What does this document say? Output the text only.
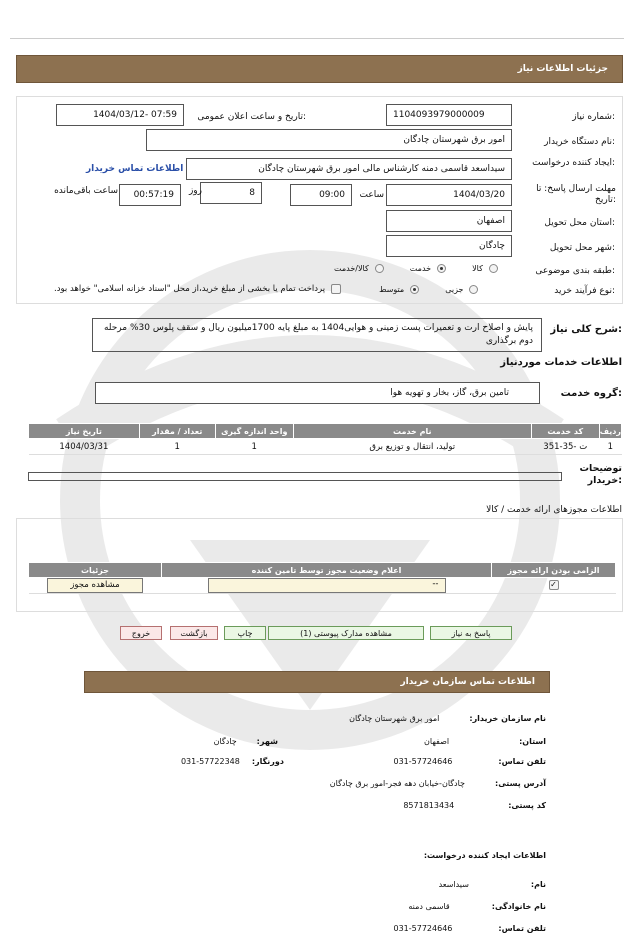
جزئیات اطلاعات نیاز
شماره نیاز:
1104093979000009
تاریخ و ساعت اعلان عمومی:
1404/03/12- 07:59
نام دستگاه خریدار:
امور برق شهرستان چادگان
ایجاد کننده درخواست:
سیداسعد قاسمی دمنه کارشناس مالی امور برق شهرستان چادگان
اطلاعات تماس خریدار
مهلت ارسال پاسخ: تا تاریخ:
1404/03/20
ساعت
09:00
8
روز
00:57:19
ساعت باقی‌مانده
استان محل تحویل:
اصفهان
شهر محل تحویل:
چادگان
طبقه بندی موضوعی:
کالا
خدمت
کالا/خدمت
نوع فرآیند خرید:
جزیی
متوسط
پرداخت تمام یا بخشی از مبلغ خرید،از محل "اسناد خزانه اسلامی" خواهد بود.
شرح کلی نیاز:
پایش و اصلاح ارت و تعمیرات پست زمینی و هوایی1404 به مبلغ پایه 1700میلیون ریال و سقف پلوس 30% مرحله دوم برگذاری
اطلاعات خدمات موردنیاز
گروه خدمت:
تامین برق، گاز، بخار و تهویه هوا
ردیف	کد خدمت	نام خدمت	واحد اندازه گیری	تعداد / مقدار	تاریخ نیاز
1	ت -35-351	تولید، انتقال و توزیع برق	1	1	1404/03/31
توضیحات خریدار:
اطلاعات مجوزهای ارائه خدمت / کالا
الزامی بودن ارائه مجوز	اعلام وضعیت مجوز توسط تامین کننده	جزئیات
✓	--	مشاهده مجوز
پاسخ به نیاز
مشاهده مدارک پیوستی (1)
چاپ
بازگشت
خروج
اطلاعات تماس سازمان خریدار
نام سازمان خریدار:
امور برق شهرستان چادگان
استان:
اصفهان
شهر:
چادگان
تلفن تماس:
031-57724646
دورنگار:
031-57722348
آدرس پستی:
چادگان-خیابان دهه فجر-امور برق چادگان
کد پستی:
8571813434
اطلاعات ایجاد کننده درخواست:
نام:
سیداسعد
نام خانوادگی:
قاسمی دمنه
تلفن تماس:
031-57724646
